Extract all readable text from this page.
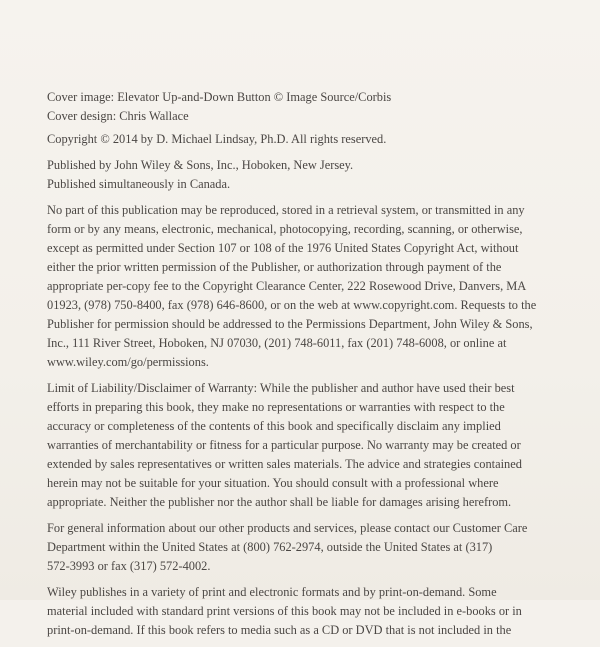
Cover image: Elevator Up-and-Down Button © Image Source/Corbis
Cover design: Chris Wallace
Copyright © 2014 by D. Michael Lindsay, Ph.D. All rights reserved.
Published by John Wiley & Sons, Inc., Hoboken, New Jersey.
Published simultaneously in Canada.
No part of this publication may be reproduced, stored in a retrieval system, or transmitted in any
form or by any means, electronic, mechanical, photocopying, recording, scanning, or otherwise,
except as permitted under Section 107 or 108 of the 1976 United States Copyright Act, without
either the prior written permission of the Publisher, or authorization through payment of the
appropriate per-copy fee to the Copyright Clearance Center, 222 Rosewood Drive, Danvers, MA
01923, (978) 750-8400, fax (978) 646-8600, or on the web at www.copyright.com. Requests to the
Publisher for permission should be addressed to the Permissions Department, John Wiley & Sons,
Inc., 111 River Street, Hoboken, NJ 07030, (201) 748-6011, fax (201) 748-6008, or online at
www.wiley.com/go/permissions.
Limit of Liability/Disclaimer of Warranty: While the publisher and author have used their best
efforts in preparing this book, they make no representations or warranties with respect to the
accuracy or completeness of the contents of this book and specifically disclaim any implied
warranties of merchantability or fitness for a particular purpose. No warranty may be created or
extended by sales representatives or written sales materials. The advice and strategies contained
herein may not be suitable for your situation. You should consult with a professional where
appropriate. Neither the publisher nor the author shall be liable for damages arising herefrom.
For general information about our other products and services, please contact our Customer Care
Department within the United States at (800) 762-2974, outside the United States at (317)
572-3993 or fax (317) 572-4002.
Wiley publishes in a variety of print and electronic formats and by print-on-demand. Some
material included with standard print versions of this book may not be included in e-books or in
print-on-demand. If this book refers to media such as a CD or DVD that is not included in the
